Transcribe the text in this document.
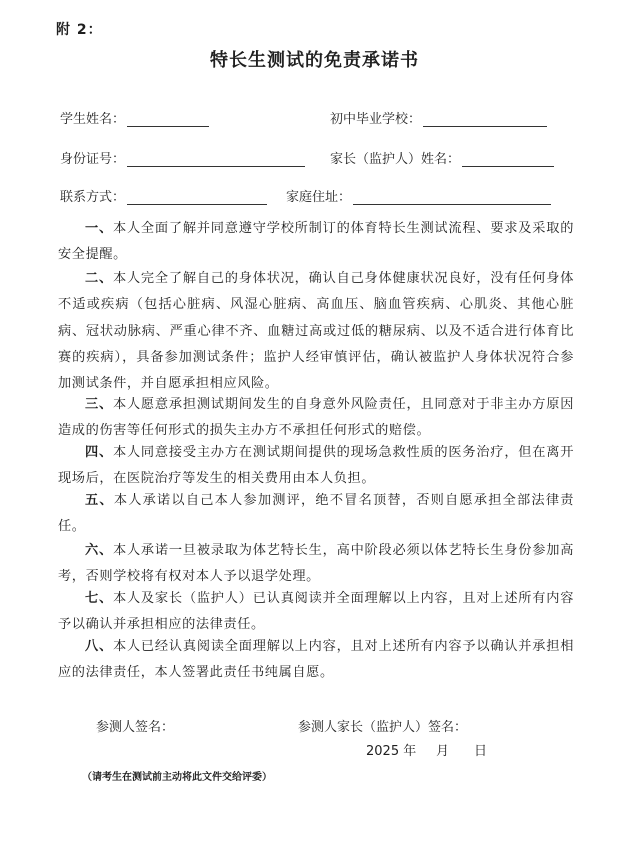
附 2：
特长生测试的免责承诺书
学生姓名：	初中毕业学校：
身份证号：	家长（监护人）姓名：
联系方式：	家庭住址：

一、本人全面了解并同意遵守学校所制订的体育特长生测试流程、要求及采取的安全提醒。

二、本人完全了解自己的身体状况，确认自己身体健康状况良好，没有任何身体不适或疾病（包括心脏病、风湿心脏病、高血压、脑血管疾病、心肌炎、其他心脏病、冠状动脉病、严重心律不齐、血糖过高或过低的糖尿病、以及不适合进行体育比赛的疾病），具备参加测试条件；监护人经审慎评估，确认被监护人身体状况符合参加测试条件，并自愿承担相应风险。

三、本人愿意承担测试期间发生的自身意外风险责任，且同意对于非主办方原因造成的伤害等任何形式的损失主办方不承担任何形式的赔偿。

四、本人同意接受主办方在测试期间提供的现场急救性质的医务治疗，但在离开现场后，在医院治疗等发生的相关费用由本人负担。

五、本人承诺以自己本人参加测评，绝不冒名顶替，否则自愿承担全部法律责任。

六、本人承诺一旦被录取为体艺特长生，高中阶段必须以体艺特长生身份参加高考，否则学校将有权对本人予以退学处理。

七、本人及家长（监护人）已认真阅读并全面理解以上内容，且对上述所有内容予以确认并承担相应的法律责任。

八、本人已经认真阅读全面理解以上内容，且对上述所有内容予以确认并承担相应的法律责任，本人签署此责任书纯属自愿。

参测人签名：	参测人家长（监护人）签名：
2025 年 月 日
（请考生在测试前主动将此文件交给评委）
